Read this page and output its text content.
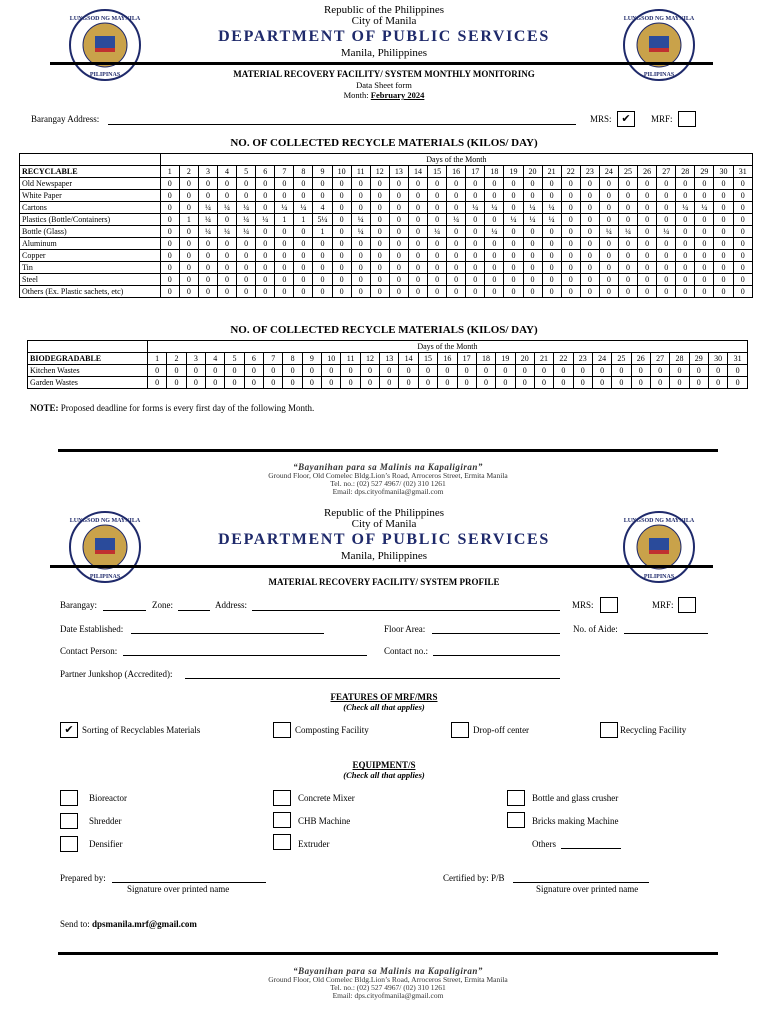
LUNGSOD NG MAYNILA
PILIPINAS
LUNGSOD NG MAYNILA
PILIPINAS
Republic of the Philippines
City of Manila
DEPARTMENT OF PUBLIC SERVICES
Manila, Philippines
MATERIAL RECOVERY FACILITY/ SYSTEM MONTHLY MONITORING
Data Sheet form
Month: February 2024
Barangay Address:	MRS: ✔	MRF:
NO. OF COLLECTED RECYCLE MATERIALS (KILOS/ DAY)
	Days of the Month																														
RECYCLABLE	1	2	3	4	5	6	7	8	9	10	11	12	13	14	15	16	17	18	19	20	21	22	23	24	25	26	27	28	29	30	31
Old Newspaper	0	0	0	0	0	0	0	0	0	0	0	0	0	0	0	0	0	0	0	0	0	0	0	0	0	0	0	0	0	0	0
White Paper	0	0	0	0	0	0	0	0	0	0	0	0	0	0	0	0	0	0	0	0	0	0	0	0	0	0	0	0	0	0	0
Cartons	0	0	¼	¼	¼	0	¼	¼	4	0	0	0	0	0	0	0	¼	¼	0	¼	¼	0	0	0	0	0	0	¼	¼	0	0
Plastics (Bottle/Containers)	0	1	¼	0	¼	¼	1	1	5¼	0	¼	0	0	0	0	¼	0	0	¼	¼	¼	0	0	0	0	0	0	0	0	0	0
Bottle (Glass)	0	0	¼	¼	¼	0	0	0	1	0	¼	0	0	0	¼	0	0	¼	0	0	0	0	0	¼	¼	0	¼	0	0	0	0
Aluminum	0	0	0	0	0	0	0	0	0	0	0	0	0	0	0	0	0	0	0	0	0	0	0	0	0	0	0	0	0	0	0
Copper	0	0	0	0	0	0	0	0	0	0	0	0	0	0	0	0	0	0	0	0	0	0	0	0	0	0	0	0	0	0	0
Tin	0	0	0	0	0	0	0	0	0	0	0	0	0	0	0	0	0	0	0	0	0	0	0	0	0	0	0	0	0	0	0
Steel	0	0	0	0	0	0	0	0	0	0	0	0	0	0	0	0	0	0	0	0	0	0	0	0	0	0	0	0	0	0	0
Others (Ex. Plastic sachets, etc)	0	0	0	0	0	0	0	0	0	0	0	0	0	0	0	0	0	0	0	0	0	0	0	0	0	0	0	0	0	0	0
NO. OF COLLECTED RECYCLE MATERIALS (KILOS/ DAY)
	Days of the Month																														
BIODEGRADABLE	1	2	3	4	5	6	7	8	9	10	11	12	13	14	15	16	17	18	19	20	21	22	23	24	25	26	27	28	29	30	31
Kitchen Wastes	0	0	0	0	0	0	0	0	0	0	0	0	0	0	0	0	0	0	0	0	0	0	0	0	0	0	0	0	0	0	0
Garden Wastes	0	0	0	0	0	0	0	0	0	0	0	0	0	0	0	0	0	0	0	0	0	0	0	0	0	0	0	0	0	0	0
NOTE: Proposed deadline for forms is every first day of the following Month.
“Bayanihan para sa Malinis na Kapaligiran”
Ground Floor, Old Comelec Bldg.Lion’s Road, Arroceros Street, Ermita Manila
Tel. no.: (02) 527 4967/ (02) 310 1261
Email: dps.cityofmanila@gmail.com
LUNGSOD NG MAYNILA
PILIPINAS
LUNGSOD NG MAYNILA
PILIPINAS
Republic of the Philippines
City of Manila
DEPARTMENT OF PUBLIC SERVICES
Manila, Philippines
MATERIAL RECOVERY FACILITY/ SYSTEM PROFILE
Barangay:	Zone:	Address:	MRS:	MRF:
Date Established:	Floor Area:	No. of Aide:
Contact Person:	Contact no.:
Partner Junkshop (Accredited):
FEATURES OF MRF/MRS
(Check all that applies)
✔ Sorting of Recyclables Materials	Composting Facility	Drop-off center	Recycling Facility
EQUIPMENT/S
(Check all that applies)
Bioreactor	Concrete Mixer	Bottle and glass crusher
Shredder	CHB Machine	Bricks making Machine
Densifier	Extruder	Others
Prepared by:
Signature over printed name
Certified by: P/B
Signature over printed name
Send to: dpsmanila.mrf@gmail.com
“Bayanihan para sa Malinis na Kapaligiran”
Ground Floor, Old Comelec Bldg.Lion’s Road, Arroceros Street, Ermita Manila
Tel. no.: (02) 527 4967/ (02) 310 1261
Email: dps.cityofmanila@gmail.com
